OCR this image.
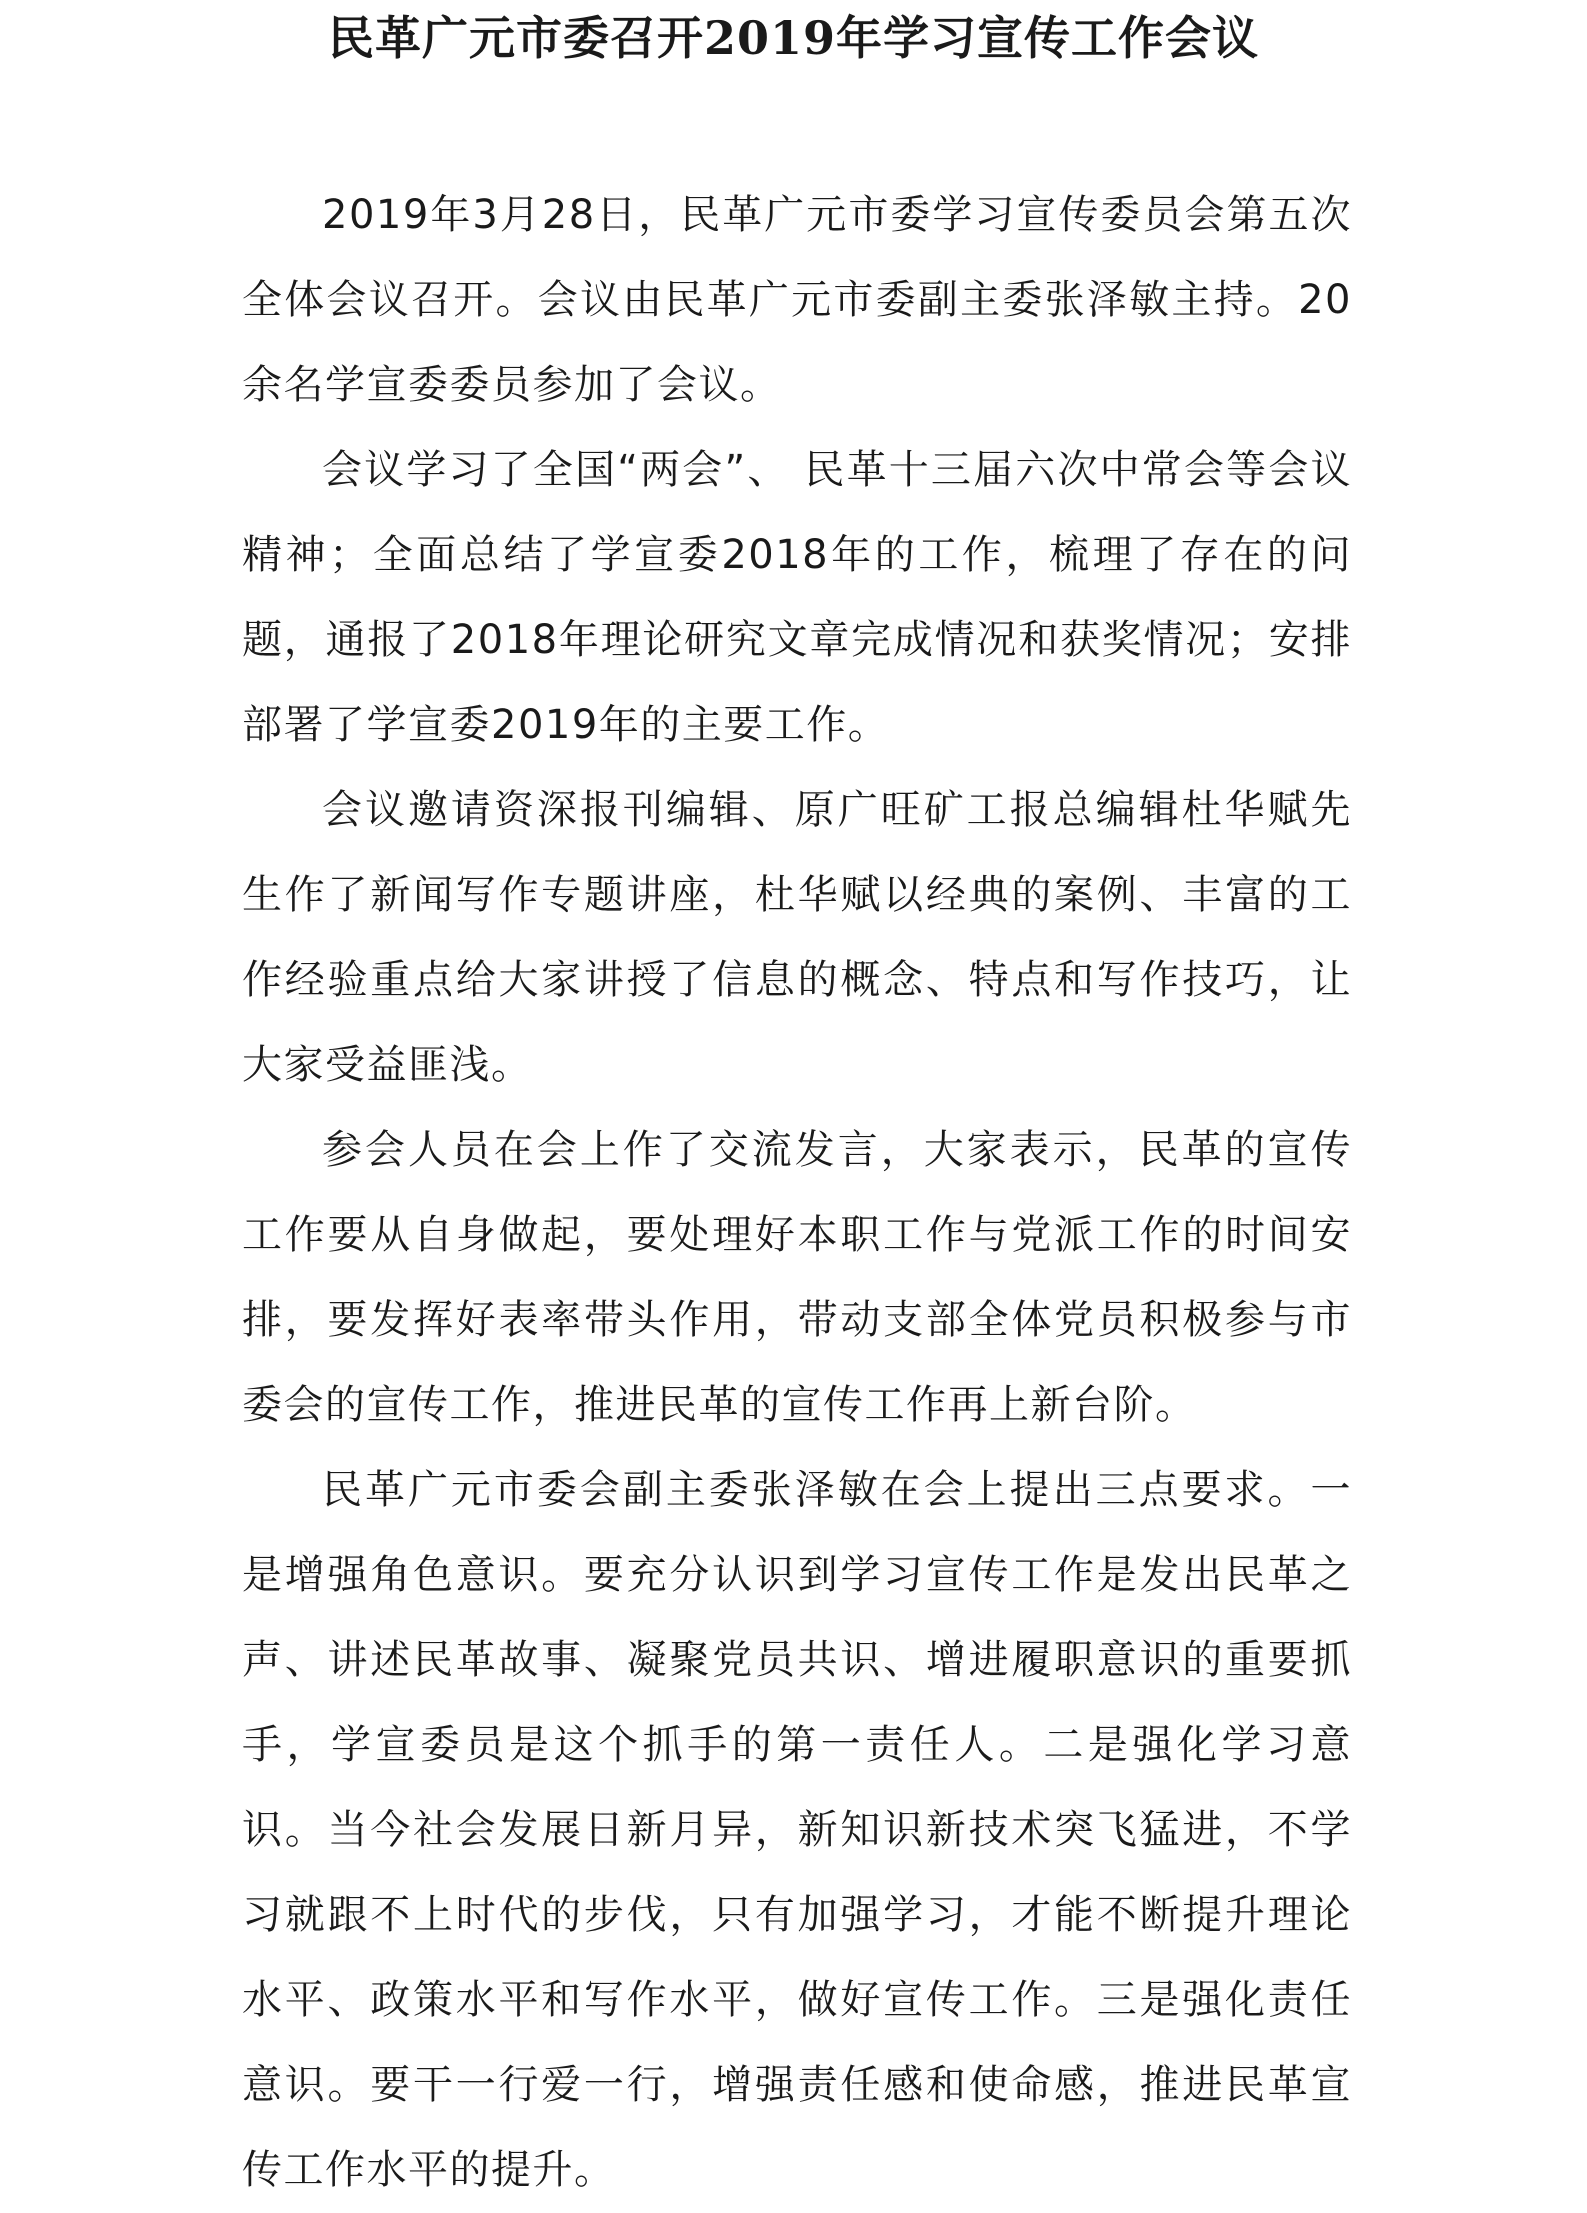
民革广元市委召开2019年学习宣传工作会议

2019年3月28日，民革广元市委学习宣传委员会第五次全体会议召开。会议由民革广元市委副主委张泽敏主持。20余名学宣委委员参加了会议。

会议学习了全国“两会”、 民革十三届六次中常会等会议精神；全面总结了学宣委2018年的工作，梳理了存在的问题，通报了2018年理论研究文章完成情况和获奖情况；安排部署了学宣委2019年的主要工作。

会议邀请资深报刊编辑、原广旺矿工报总编辑杜华赋先生作了新闻写作专题讲座，杜华赋以经典的案例、丰富的工作经验重点给大家讲授了信息的概念、特点和写作技巧，让大家受益匪浅。

参会人员在会上作了交流发言，大家表示，民革的宣传工作要从自身做起，要处理好本职工作与党派工作的时间安排，要发挥好表率带头作用，带动支部全体党员积极参与市委会的宣传工作，推进民革的宣传工作再上新台阶。

民革广元市委会副主委张泽敏在会上提出三点要求。一是增强角色意识。要充分认识到学习宣传工作是发出民革之声、讲述民革故事、凝聚党员共识、增进履职意识的重要抓手，学宣委员是这个抓手的第一责任人。二是强化学习意识。当今社会发展日新月异，新知识新技术突飞猛进，不学习就跟不上时代的步伐，只有加强学习，才能不断提升理论水平、政策水平和写作水平，做好宣传工作。三是强化责任意识。要干一行爱一行，增强责任感和使命感，推进民革宣传工作水平的提升。
